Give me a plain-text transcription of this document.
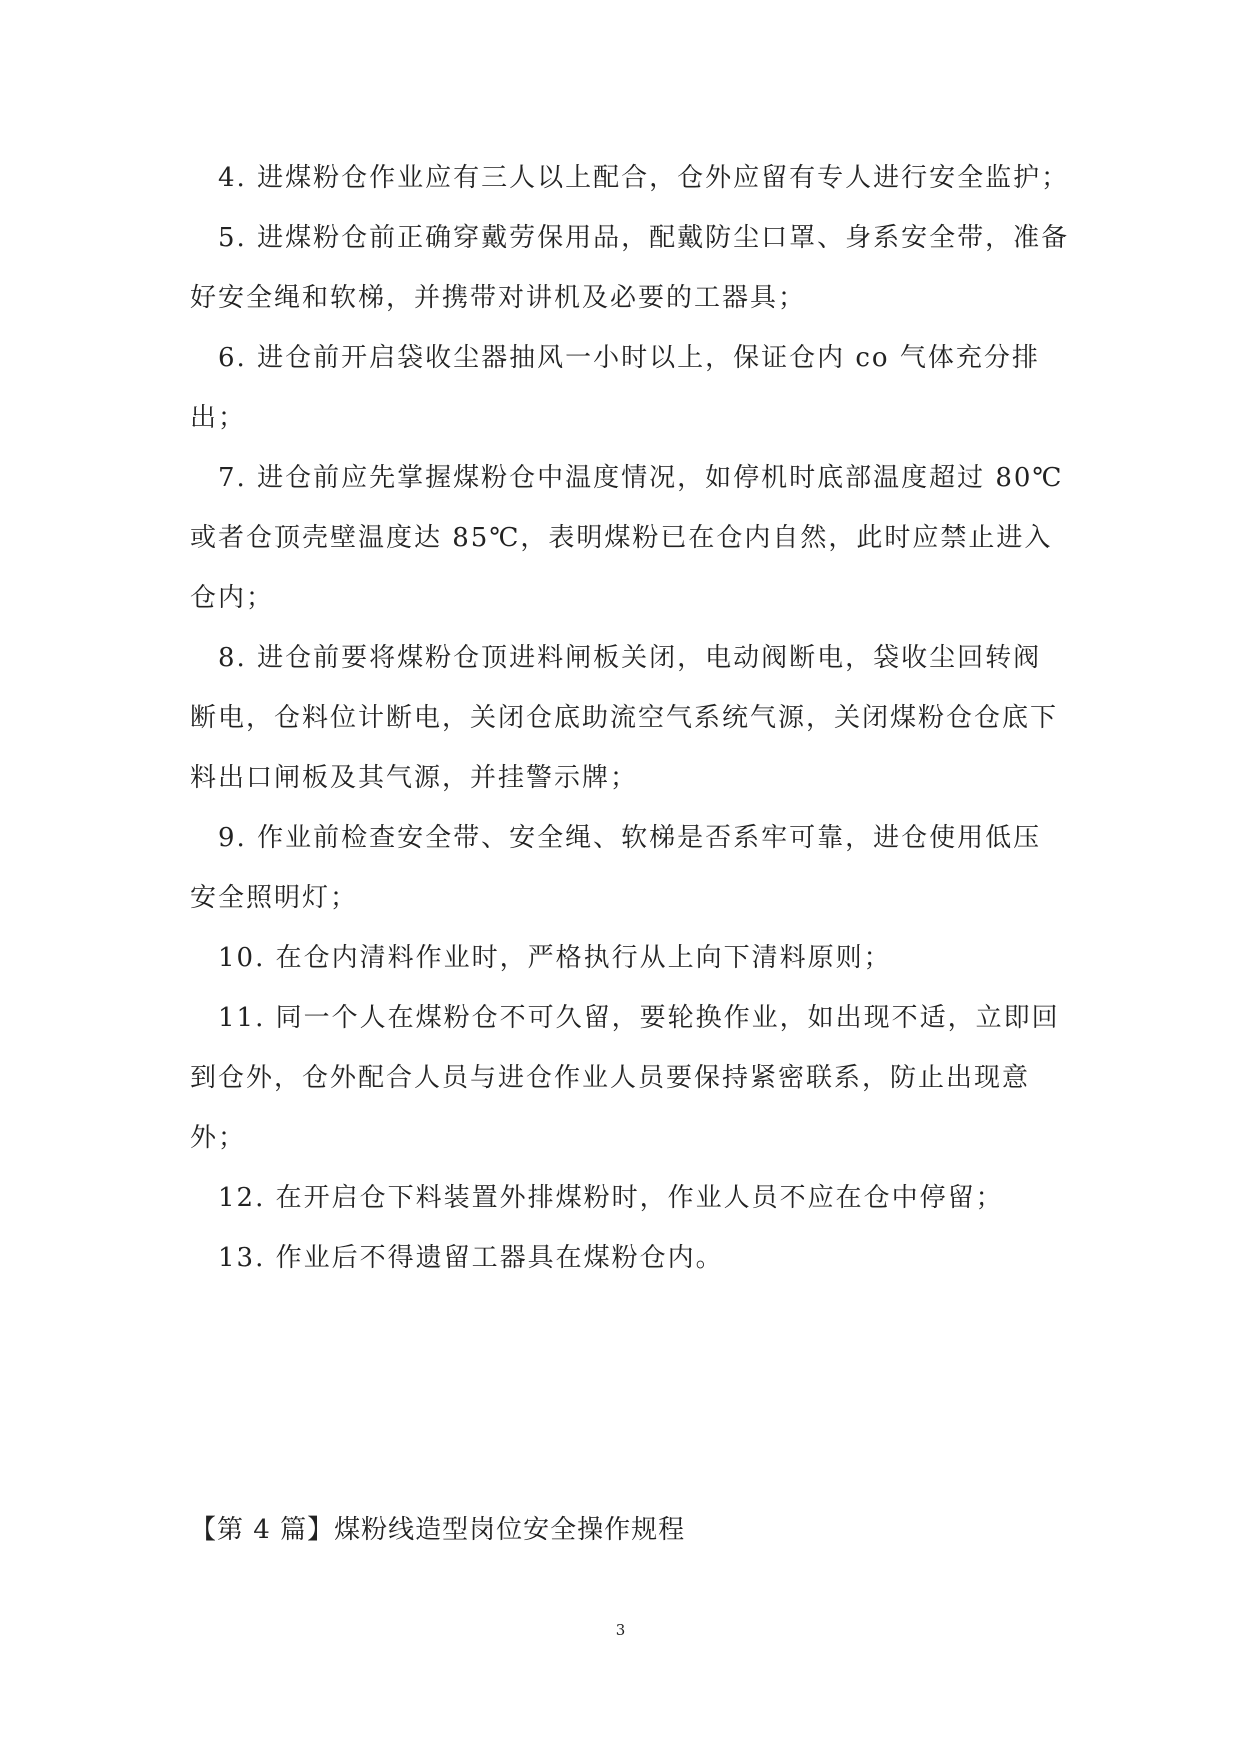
4. 进煤粉仓作业应有三人以上配合，仓外应留有专人进行安全监护；
5. 进煤粉仓前正确穿戴劳保用品，配戴防尘口罩、身系安全带，准备
好安全绳和软梯，并携带对讲机及必要的工器具；
6. 进仓前开启袋收尘器抽风一小时以上，保证仓内 co 气体充分排
出；
7. 进仓前应先掌握煤粉仓中温度情况，如停机时底部温度超过 80℃
或者仓顶壳壁温度达 85℃，表明煤粉已在仓内自然，此时应禁止进入
仓内；
8. 进仓前要将煤粉仓顶进料闸板关闭，电动阀断电，袋收尘回转阀
断电，仓料位计断电，关闭仓底助流空气系统气源，关闭煤粉仓仓底下
料出口闸板及其气源，并挂警示牌；
9. 作业前检查安全带、安全绳、软梯是否系牢可靠，进仓使用低压
安全照明灯；
10. 在仓内清料作业时，严格执行从上向下清料原则；
11. 同一个人在煤粉仓不可久留，要轮换作业，如出现不适，立即回
到仓外，仓外配合人员与进仓作业人员要保持紧密联系，防止出现意
外；
12. 在开启仓下料装置外排煤粉时，作业人员不应在仓中停留；
13. 作业后不得遗留工器具在煤粉仓内。
【第 4 篇】煤粉线造型岗位安全操作规程
3
